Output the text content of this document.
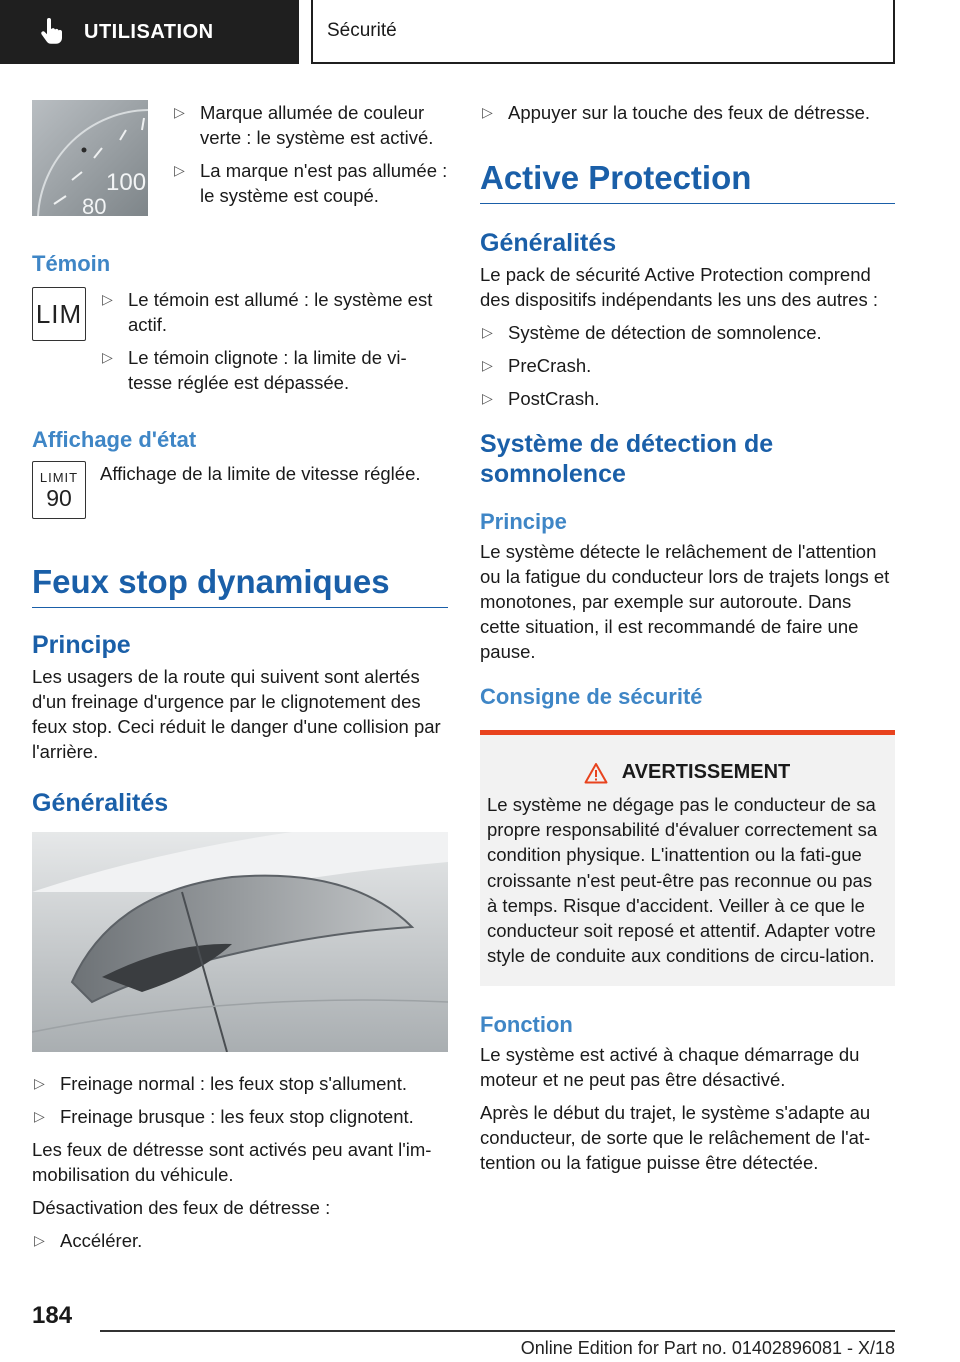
UTILISATION	Sécurité
100
80
▷ Marque allumée de couleur verte : le système est activé.
▷ La marque n'est pas allumée : le système est coupé.
Témoin
LIM ▷ Le témoin est allumé : le système est actif.
▷ Le témoin clignote : la limite de vi-tesse réglée est dépassée.
Affichage d'état
LIMIT
90

Affichage de la limite de vitesse réglée.

Feux stop dynamiques
Principe

Les usagers de la route qui suivent sont alertés d'un freinage d'urgence par le clignotement des feux stop. Ceci réduit le danger d'une collision par l'arrière.

Généralités
▷ Freinage normal : les feux stop s'allument.
▷ Freinage brusque : les feux stop clignotent.

Les feux de détresse sont activés peu avant l'im-mobilisation du véhicule.

Désactivation des feux de détresse :

▷ Accélérer.
▷ Appuyer sur la touche des feux de détresse.
Active Protection
Généralités

Le pack de sécurité Active Protection comprend des dispositifs indépendants les uns des autres :

▷ Système de détection de somnolence.
▷ PreCrash.
▷ PostCrash.
Système de détection de somnolence
Principe

Le système détecte le relâchement de l'attention ou la fatigue du conducteur lors de trajets longs et monotones, par exemple sur autoroute. Dans cette situation, il est recommandé de faire une pause.

Consigne de sécurité
AVERTISSEMENT

Le système ne dégage pas le conducteur de sa propre responsabilité d'évaluer correctement sa condition physique. L'inattention ou la fati-gue croissante n'est peut-être pas reconnue ou pas à temps. Risque d'accident. Veiller à ce que le conducteur soit reposé et attentif. Adapter votre style de conduite aux conditions de circu-lation.

Fonction

Le système est activé à chaque démarrage du moteur et ne peut pas être désactivé.

Après le début du trajet, le système s'adapte au conducteur, de sorte que le relâchement de l'at-tention ou la fatigue puisse être détectée.

184
Online Edition for Part no. 01402896081 - X/18
